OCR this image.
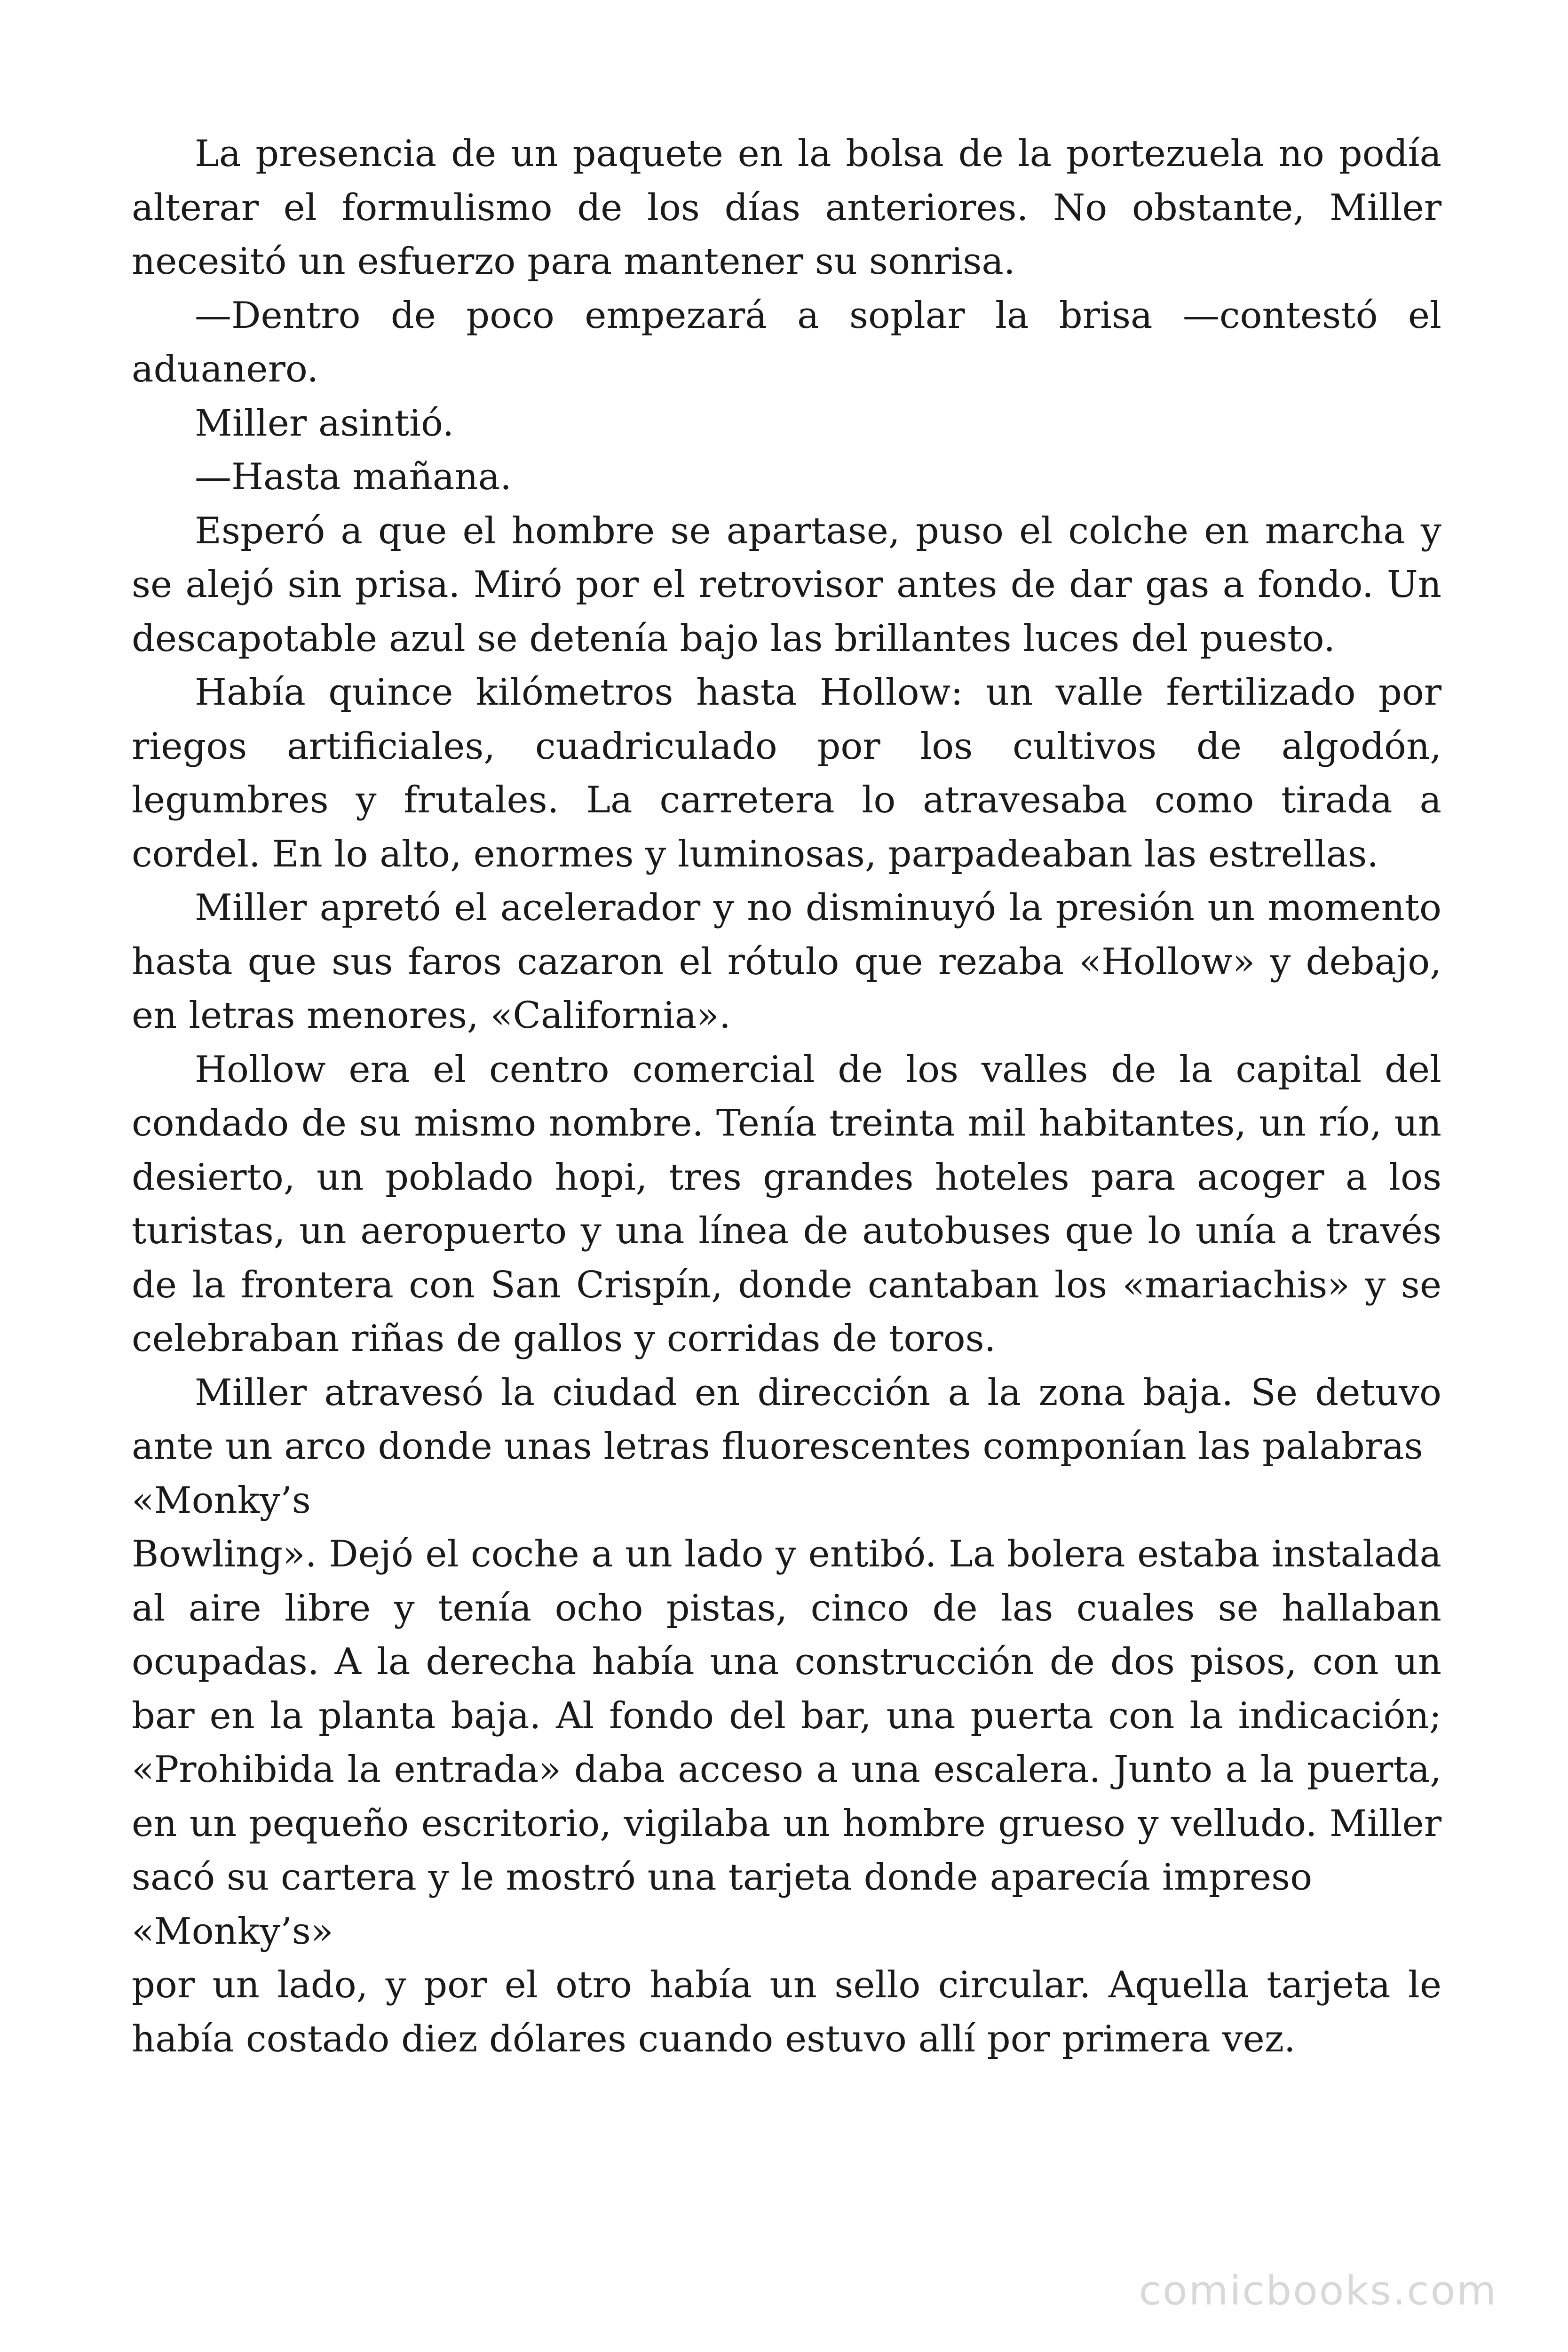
La presencia de un paquete en la bolsa de la portezuela no podía alterar el formulismo de los días anteriores. No obstante, Miller necesitó un esfuerzo para mantener su sonrisa.

—Dentro de poco empezará a soplar la brisa —contestó el aduanero.

Miller asintió.

—Hasta mañana.

Esperó a que el hombre se apartase, puso el colche en marcha y se alejó sin prisa. Miró por el retrovisor antes de dar gas a fondo. Un descapotable azul se detenía bajo las brillantes luces del puesto.

Había quince kilómetros hasta Hollow: un valle fertilizado por riegos artificiales, cuadriculado por los cultivos de algodón, legumbres y frutales. La carretera lo atravesaba como tirada a cordel. En lo alto, enormes y luminosas, parpadeaban las estrellas.

Miller apretó el acelerador y no disminuyó la presión un momento hasta que sus faros cazaron el rótulo que rezaba «Hollow» y debajo, en letras menores, «California».

Hollow era el centro comercial de los valles de la capital del condado de su mismo nombre. Tenía treinta mil habitantes, un río, un desierto, un poblado hopi, tres grandes hoteles para acoger a los turistas, un aeropuerto y una línea de autobuses que lo unía a través de la frontera con San Crispín, donde cantaban los «mariachis» y se celebraban riñas de gallos y corridas de toros.

Miller atravesó la ciudad en dirección a la zona baja. Se detuvo ante un arco donde unas letras fluorescentes componían las palabras

«Monky’s

Bowling». Dejó el coche a un lado y entibó. La bolera estaba instalada al aire libre y tenía ocho pistas, cinco de las cuales se hallaban ocupadas. A la derecha había una construcción de dos pisos, con un bar en la planta baja. Al fondo del bar, una puerta con la indicación; «Prohibida la entrada» daba acceso a una escalera. Junto a la puerta, en un pequeño escritorio, vigilaba un hombre grueso y velludo. Miller sacó su cartera y le mostró una tarjeta donde aparecía impreso

«Monky’s»

por un lado, y por el otro había un sello circular. Aquella tarjeta le había costado diez dólares cuando estuvo allí por primera vez.

comicbooks.com
